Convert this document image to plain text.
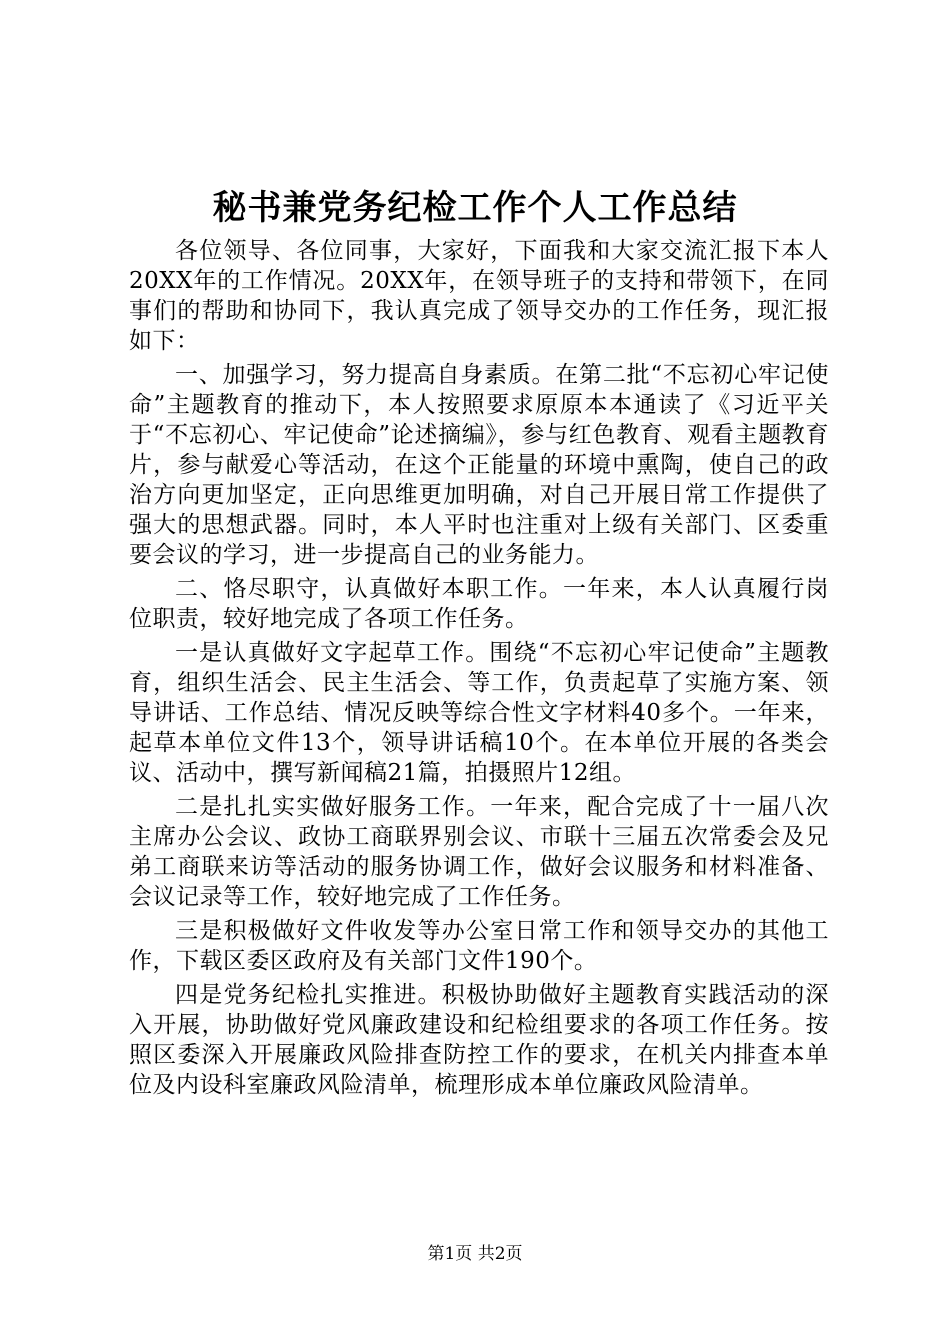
秘书兼党务纪检工作个人工作总结

各位领导、各位同事，大家好，下面我和大家交流汇报下本人20XX年的工作情况。20XX年，在领导班子的支持和带领下，在同事们的帮助和协同下，我认真完成了领导交办的工作任务，现汇报如下：

一、加强学习，努力提高自身素质。在第二批“不忘初心牢记使命”主题教育的推动下，本人按照要求原原本本通读了《习近平关于“不忘初心、牢记使命”论述摘编》，参与红色教育、观看主题教育片，参与献爱心等活动，在这个正能量的环境中熏陶，使自己的政治方向更加坚定，正向思维更加明确，对自己开展日常工作提供了强大的思想武器。同时，本人平时也注重对上级有关部门、区委重要会议的学习，进一步提高自己的业务能力。

二、恪尽职守，认真做好本职工作。一年来，本人认真履行岗位职责，较好地完成了各项工作任务。

一是认真做好文字起草工作。围绕“不忘初心牢记使命”主题教育，组织生活会、民主生活会、等工作，负责起草了实施方案、领导讲话、工作总结、情况反映等综合性文字材料40多个。一年来，起草本单位文件13个，领导讲话稿10个。在本单位开展的各类会议、活动中，撰写新闻稿21篇，拍摄照片12组。

二是扎扎实实做好服务工作。一年来，配合完成了十一届八次主席办公会议、政协工商联界别会议、市联十三届五次常委会及兄弟工商联来访等活动的服务协调工作，做好会议服务和材料准备、会议记录等工作，较好地完成了工作任务。

三是积极做好文件收发等办公室日常工作和领导交办的其他工作，下载区委区政府及有关部门文件190个。

四是党务纪检扎实推进。积极协助做好主题教育实践活动的深入开展，协助做好党风廉政建设和纪检组要求的各项工作任务。按照区委深入开展廉政风险排查防控工作的要求，在机关内排查本单位及内设科室廉政风险清单，梳理形成本单位廉政风险清单。

第1页 共2页
